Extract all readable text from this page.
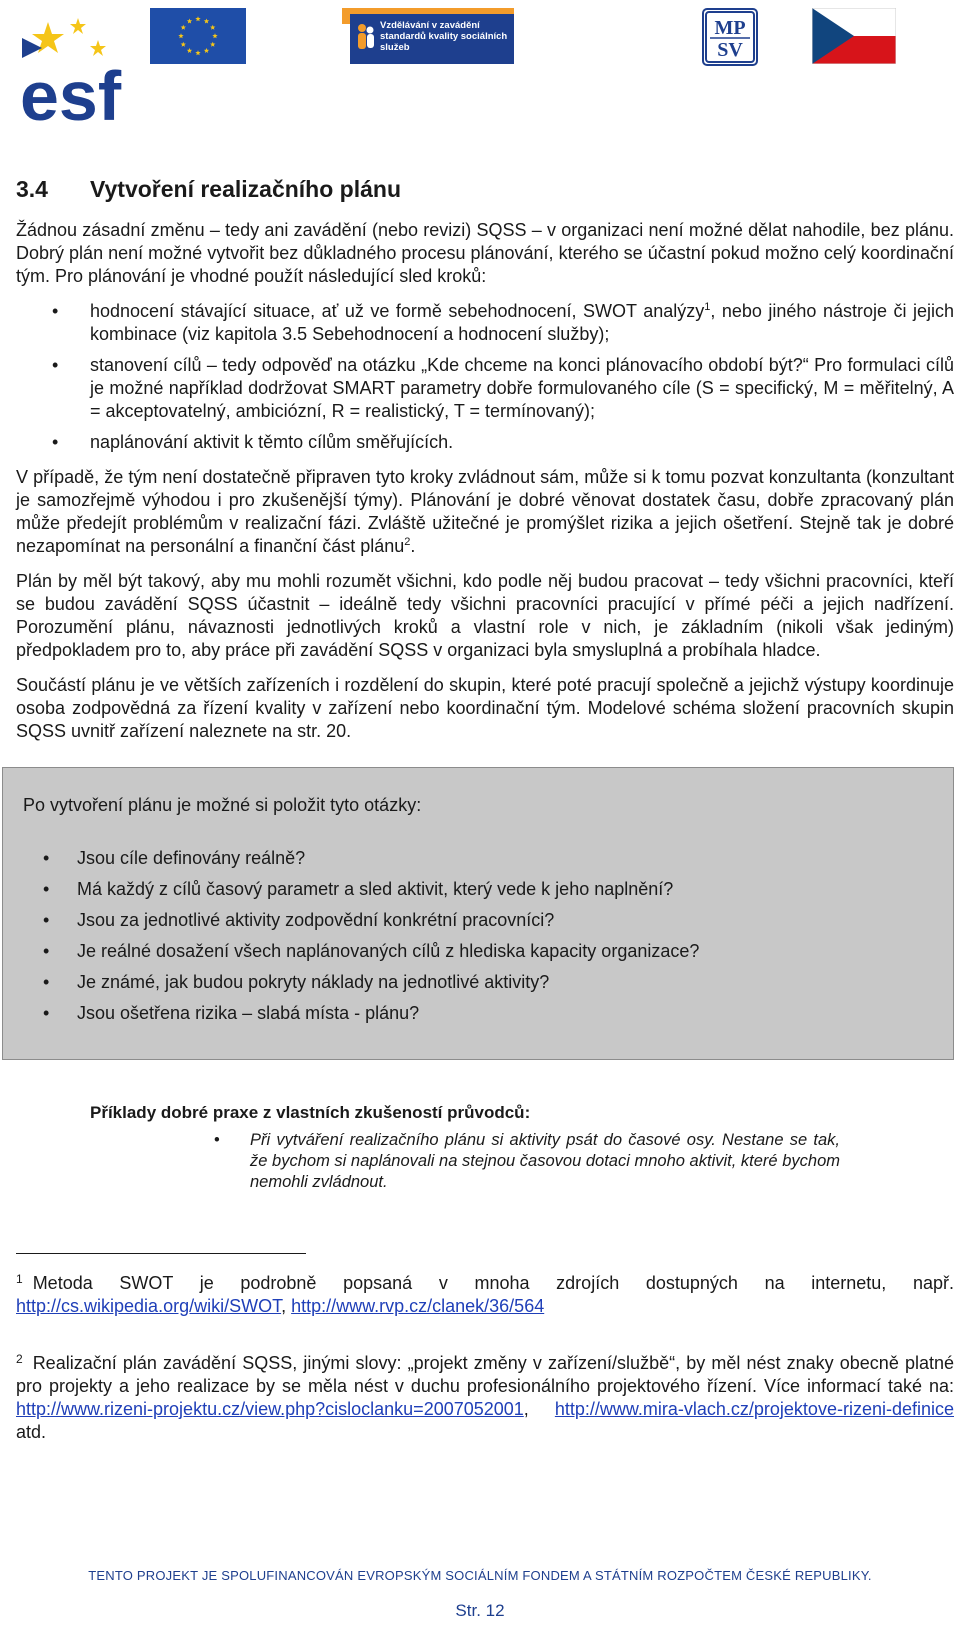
esf
Vzdělávání v zavádění standardů kvality sociálních služeb
MP
SV
3.4	Vytvoření realizačního plánu

Žádnou zásadní změnu – tedy ani zavádění (nebo revizi) SQSS – v organizaci není možné dělat nahodile, bez plánu. Dobrý plán není možné vytvořit bez důkladného procesu plánování, kterého se účastní pokud možno celý koordinační tým. Pro plánování je vhodné použít následující sled kroků:

• hodnocení stávající situace, ať už ve formě sebehodnocení, SWOT analýzy$^1$, nebo jiného nástroje či jejich kombinace (viz kapitola 3.5 Sebehodnocení a hodnocení služby);
• stanovení cílů – tedy odpověď na otázku „Kde chceme na konci plánovacího období být?“ Pro formulaci cílů je možné například dodržovat SMART parametry dobře formulovaného cíle (S = specifický, M = měřitelný, A = akceptovatelný, ambiciózní, R = realistický, T = termínovaný);
• naplánování aktivit k těmto cílům směřujících.

V případě, že tým není dostatečně připraven tyto kroky zvládnout sám, může si k tomu pozvat konzultanta (konzultant je samozřejmě výhodou i pro zkušenější týmy). Plánování je dobré věnovat dostatek času, dobře zpracovaný plán může předejít problémům v realizační fázi. Zvláště užitečné je promýšlet rizika a jejich ošetření. Stejně tak je dobré nezapomínat na personální a finanční část plánu$^2$.

Plán by měl být takový, aby mu mohli rozumět všichni, kdo podle něj budou pracovat – tedy všichni pracovníci, kteří se budou zavádění SQSS účastnit – ideálně tedy všichni pracovníci pracující v přímé péči a jejich nadřízení. Porozumění plánu, návaznosti jednotlivých kroků a vlastní role v nich, je základním (nikoli však jediným) předpokladem pro to, aby práce při zavádění SQSS v organizaci byla smysluplná a probíhala hladce.

Součástí plánu je ve větších zařízeních i rozdělení do skupin, které poté pracují společně a jejichž výstupy koordinuje osoba zodpovědná za řízení kvality v zařízení nebo koordinační tým. Modelové schéma složení pracovních skupin SQSS uvnitř zařízení naleznete na str. 20.

Po vytvoření plánu je možné si položit tyto otázky:
• Jsou cíle definovány reálně?
• Má každý z cílů časový parametr a sled aktivit, který vede k jeho naplnění?
• Jsou za jednotlivé aktivity zodpovědní konkrétní pracovníci?
• Je reálné dosažení všech naplánovaných cílů z hlediska kapacity organizace?
• Je známé, jak budou pokryty náklady na jednotlivé aktivity?
• Jsou ošetřena rizika – slabá místa - plánu?
Příklady dobré praxe z vlastních zkušeností průvodců:
• Při vytváření realizačního plánu si aktivity psát do časové osy. Nestane se tak, že bychom si naplánovali na stejnou časovou dotaci mnoho aktivit, které bychom nemohli zvládnout.

$^1$ Metoda SWOT je podrobně popsaná v mnoha zdrojích dostupných na internetu, např. http://cs.wikipedia.org/wiki/SWOT, http://www.rvp.cz/clanek/36/564

$^2$ Realizační plán zavádění SQSS, jinými slovy: „projekt změny v zařízení/službě“, by měl nést znaky obecně platné pro projekty a jeho realizace by se měla nést v duchu profesionálního projektového řízení. Více informací také na: http://www.rizeni-projektu.cz/view.php?cisloclanku=2007052001, http://www.mira-vlach.cz/projektove-rizeni-definice atd.

TENTO PROJEKT JE SPOLUFINANCOVÁN EVROPSKÝM SOCIÁLNÍM FONDEM A STÁTNÍM ROZPOČTEM ČESKÉ REPUBLIKY.
Str. 12
